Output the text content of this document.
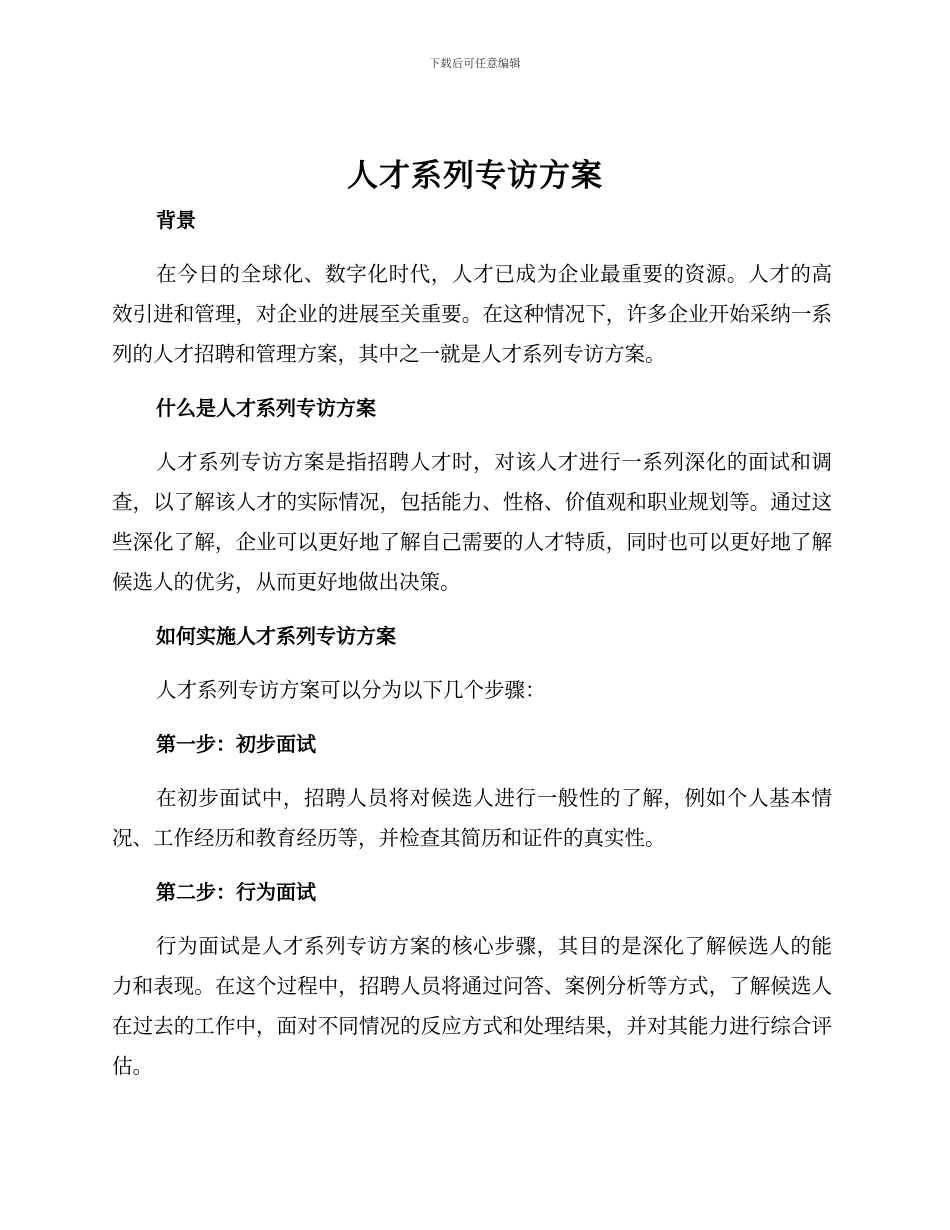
下载后可任意编辑
人才系列专访方案
背景

在今日的全球化、数字化时代，人才已成为企业最重要的资源。人才的高效引进和管理，对企业的进展至关重要。在这种情况下，许多企业开始采纳一系列的人才招聘和管理方案，其中之一就是人才系列专访方案。

什么是人才系列专访方案

人才系列专访方案是指招聘人才时，对该人才进行一系列深化的面试和调查，以了解该人才的实际情况，包括能力、性格、价值观和职业规划等。通过这些深化了解，企业可以更好地了解自己需要的人才特质，同时也可以更好地了解候选人的优劣，从而更好地做出决策。

如何实施人才系列专访方案

人才系列专访方案可以分为以下几个步骤：

第一步：初步面试

在初步面试中，招聘人员将对候选人进行一般性的了解，例如个人基本情况、工作经历和教育经历等，并检查其简历和证件的真实性。

第二步：行为面试

行为面试是人才系列专访方案的核心步骤，其目的是深化了解候选人的能力和表现。在这个过程中，招聘人员将通过问答、案例分析等方式，了解候选人在过去的工作中，面对不同情况的反应方式和处理结果，并对其能力进行综合评估。
